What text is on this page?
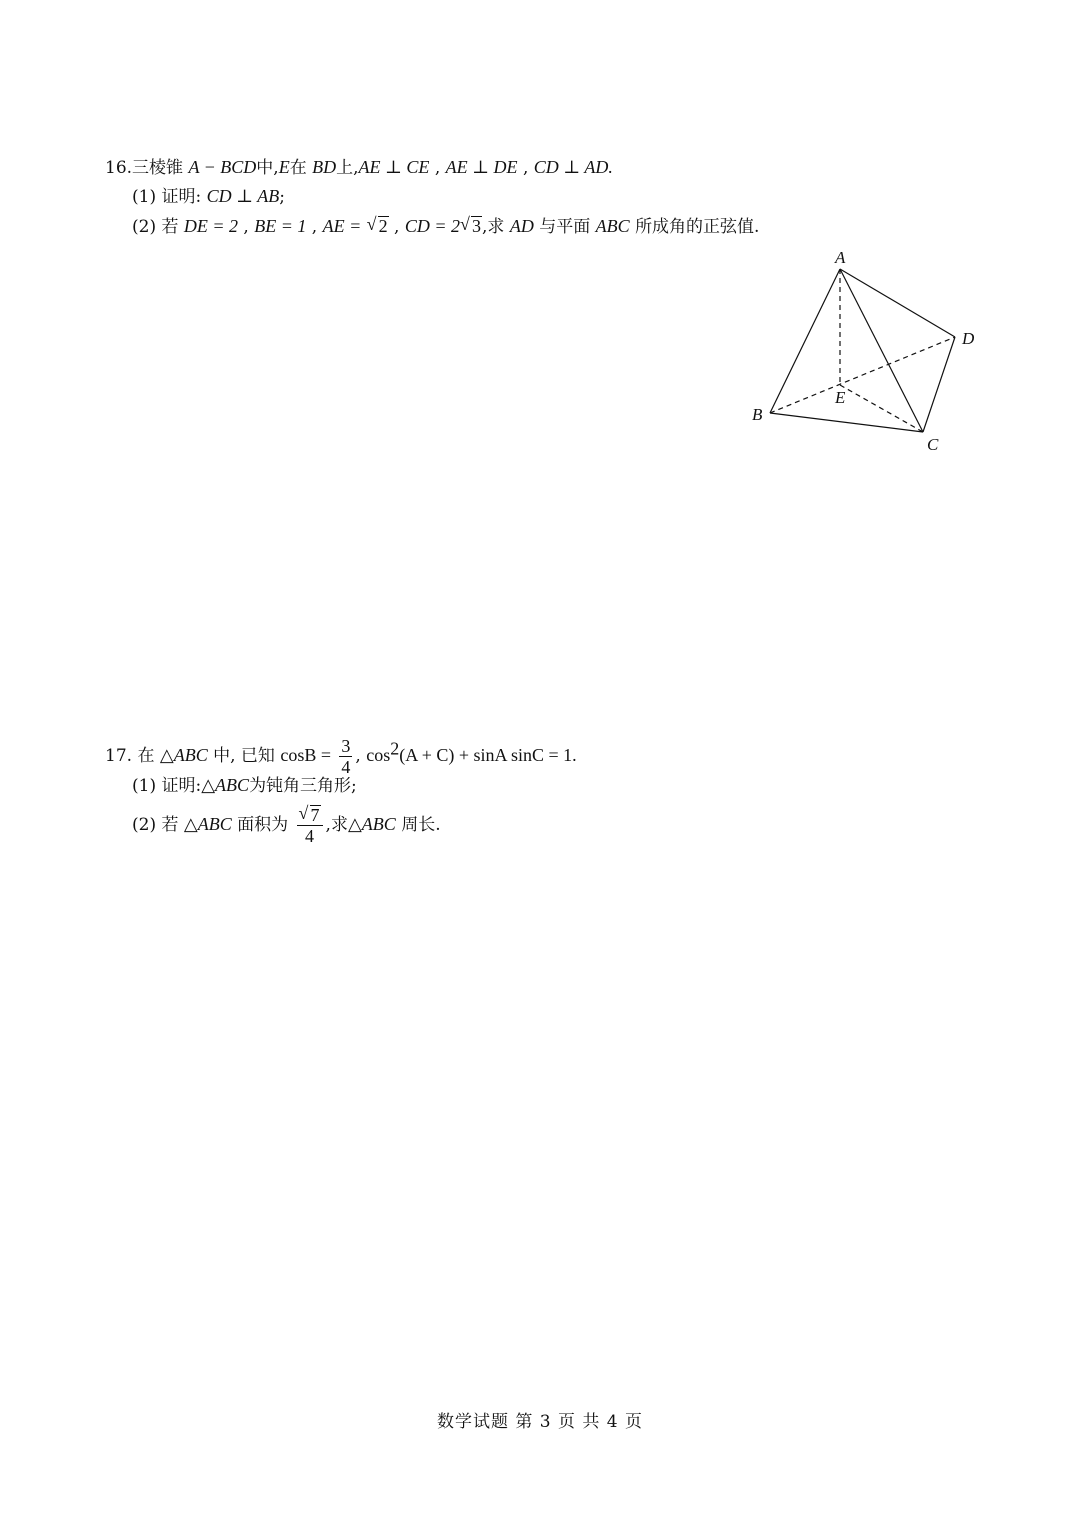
16.三棱锥 A − BCD中,E在 BD上,AE ⊥ CE , AE ⊥ DE , CD ⊥ AD.
(1) 证明: CD ⊥ AB;
(2) 若 DE = 2 , BE = 1 , AE = √ 2 , CD = 2 √ 3,求 AD 与平面 ABC 所成角的正弦值.
A
B
C
D
E
17. 在 △ABC 中, 已知 $\cos B = \frac{3}{4}$ , $\cos^2(A + C) + \sin A$ sinC = 1.
(1) 证明:△ABC为钝角三角形;
(2) 若 △ABC 面积为 √ $\frac{7}{4}$ ,求△ABC 周长.
数学试题 第 3 页 共 4 页
